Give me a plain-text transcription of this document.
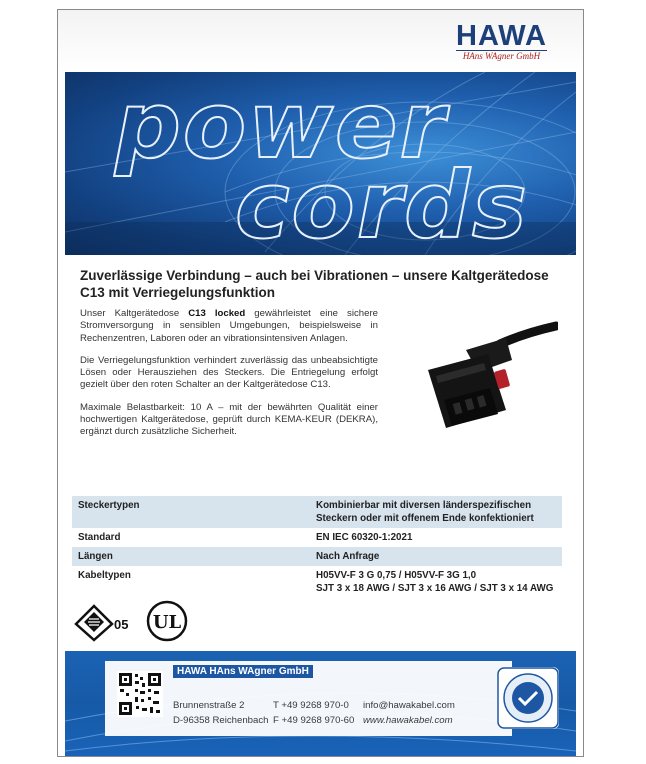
HAWA
HAns WAgner GmbH
power
cords
Zuverlässige Verbindung – auch bei Vibrationen – unsere Kaltgerätedose C13 mit Verriegelungsfunktion

Unser Kaltgerätedose C13 locked gewährleistet eine sichere Stromversorgung in sensiblen Umgebungen, beispielsweise in Rechenzentren, Laboren oder an vibrationsintensiven Anlagen.

Die Verriegelungsfunktion verhindert zuverlässig das unbeabsichtigte Lösen oder Herausziehen des Steckers. Die Entriegelung erfolgt gezielt über den roten Schalter an der Kaltgerätedose C13.

Maximale Belastbarkeit: 10 A – mit der bewährten Qualität einer hochwertigen Kaltgerätedose, geprüft durch KEMA-KEUR (DEKRA), ergänzt durch zusätzliche Sicherheit.

Steckertypen	Kombinierbar mit diversen länderspezifischen
Steckern oder mit offenem Ende konfektioniert
Standard	EN IEC 60320-1:2021
Längen	Nach Anfrage
Kabeltypen	H05VV-F 3 G 0,75 / H05VV-F 3G 1,0
SJT 3 x 18 AWG / SJT 3 x 16 AWG / SJT 3 x 14 AWG
05 UL
HAWA HAns WAgner GmbH
Brunnenstraße 2
D-96358 Reichenbach
T +49 9268 970-0
F +49 9268 970-60
info@hawakabel.com
www.hawakabel.com
